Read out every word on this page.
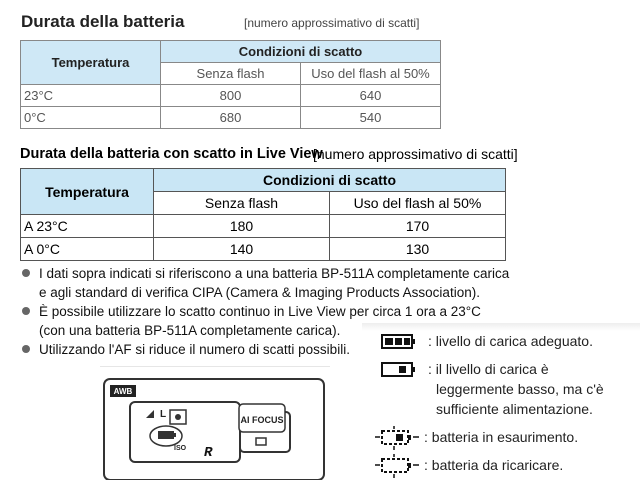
Durata della batteria	[numero approssimativo di scatti]
Temperatura	Condizioni di scatto	
	Senza flash	Uso del flash al 50%
23°C	800	640
0°C	680	540
Durata della batteria con scatto in Live View
[numero approssimativo di scatti]
Temperatura	Condizioni di scatto	
	Senza flash	Uso del flash al 50%
A 23°C	180	170
A 0°C	140	130
I dati sopra indicati si riferiscono a una batteria BP-511A completamente carica
e agli standard di verifica CIPA (Camera & Imaging Products Association).
È possibile utilizzare lo scatto continuo in Live View per circa 1 ora a 23°C
(con una batteria BP-511A completamente carica).
Utilizzando l'AF si riduce il numero di scatti possibili.
AWB
AI FOCUS
L
ISO R
: livello di carica adeguato.
: il livello di carica è
leggermente basso, ma c'è
sufficiente alimentazione.
: batteria in esaurimento.
: batteria da ricaricare.
